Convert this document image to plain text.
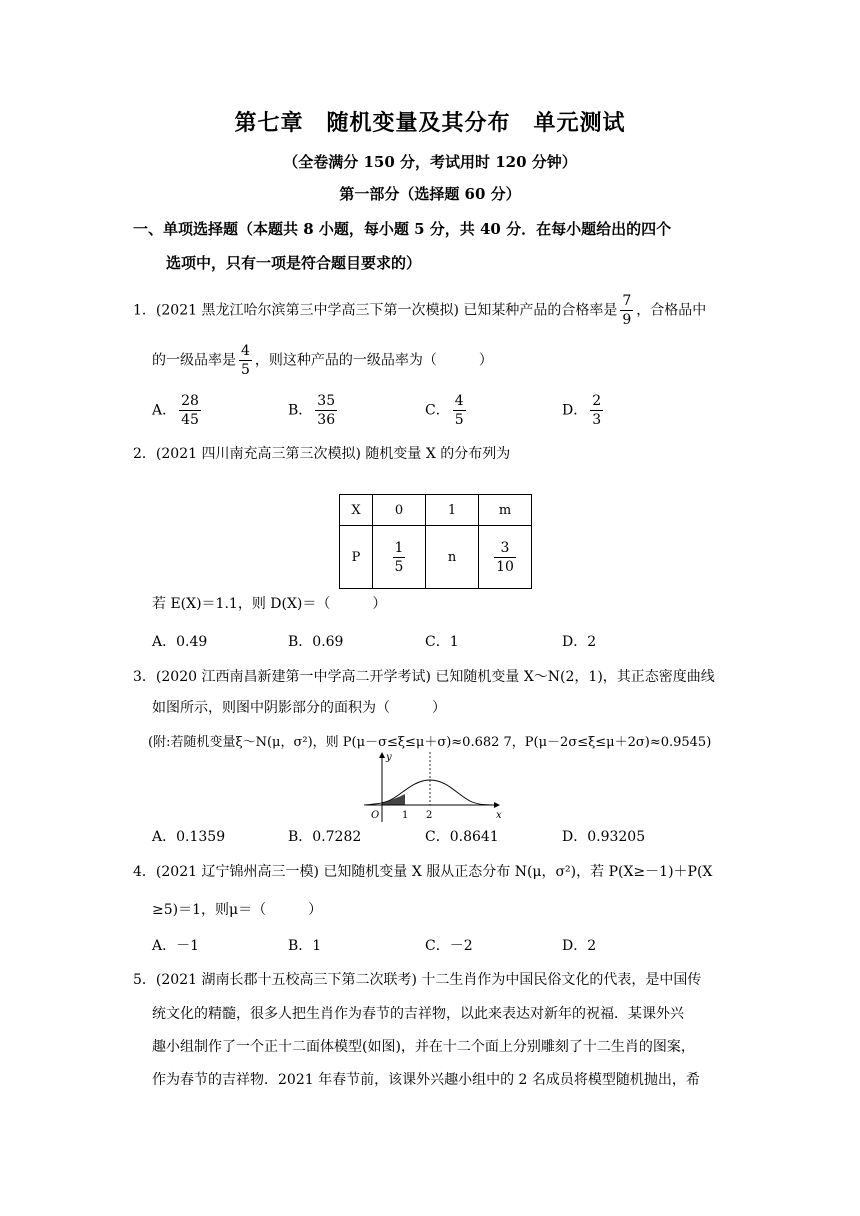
第七章　随机变量及其分布　单元测试
（全卷满分 150 分，考试用时 120 分钟）
第一部分（选择题 60 分）
一、单项选择题（本题共 8 小题，每小题 5 分，共 40 分．在每小题给出的四个
选项中，只有一项是符合题目要求的）
1．(2021 黑龙江哈尔滨第三中学高三下第一次模拟) 已知某种产品的合格率是 $\frac{7}{9}$ ，合格品中
的一级品率是 $\frac{4}{5}$ ，则这种产品的一级品率为（　　　）
A． $\frac{28}{45}$	B． $\frac{35}{36}$	C． $\frac{4}{5}$	D． $\frac{2}{3}$
2．(2021 四川南充高三第三次模拟) 随机变量 X 的分布列为
X	0	1	m
P	$\frac{1}{5}$	n	$\frac{3}{10}$
若 E(X)＝1.1，则 D(X)＝（　　　）
A．0.49	B．0.69	C．1	D．2
3．(2020 江西南昌新建第一中学高二开学考试) 已知随机变量 X～N(2，1)，其正态密度曲线
如图所示，则图中阴影部分的面积为（　　　）
(附:若随机变量ξ～N(μ，σ²)，则 P(μ－σ≤ξ≤μ＋σ)≈0.682 7，P(μ－2σ≤ξ≤μ＋2σ)≈0.9545)
y
x
O 1 2
A．0.1359	B．0.7282	C．0.8641	D．0.93205
4．(2021 辽宁锦州高三一模) 已知随机变量 X 服从正态分布 N(μ，σ²)，若 P(X≥－1)＋P(X
≥5)＝1，则μ＝（　　　）
A．－1	B．1	C．－2	D．2
5．(2021 湖南长郡十五校高三下第二次联考) 十二生肖作为中国民俗文化的代表，是中国传
统文化的精髓，很多人把生肖作为春节的吉祥物，以此来表达对新年的祝福．某课外兴
趣小组制作了一个正十二面体模型(如图)，并在十二个面上分别雕刻了十二生肖的图案，
作为春节的吉祥物．2021 年春节前，该课外兴趣小组中的 2 名成员将模型随机抛出，希
